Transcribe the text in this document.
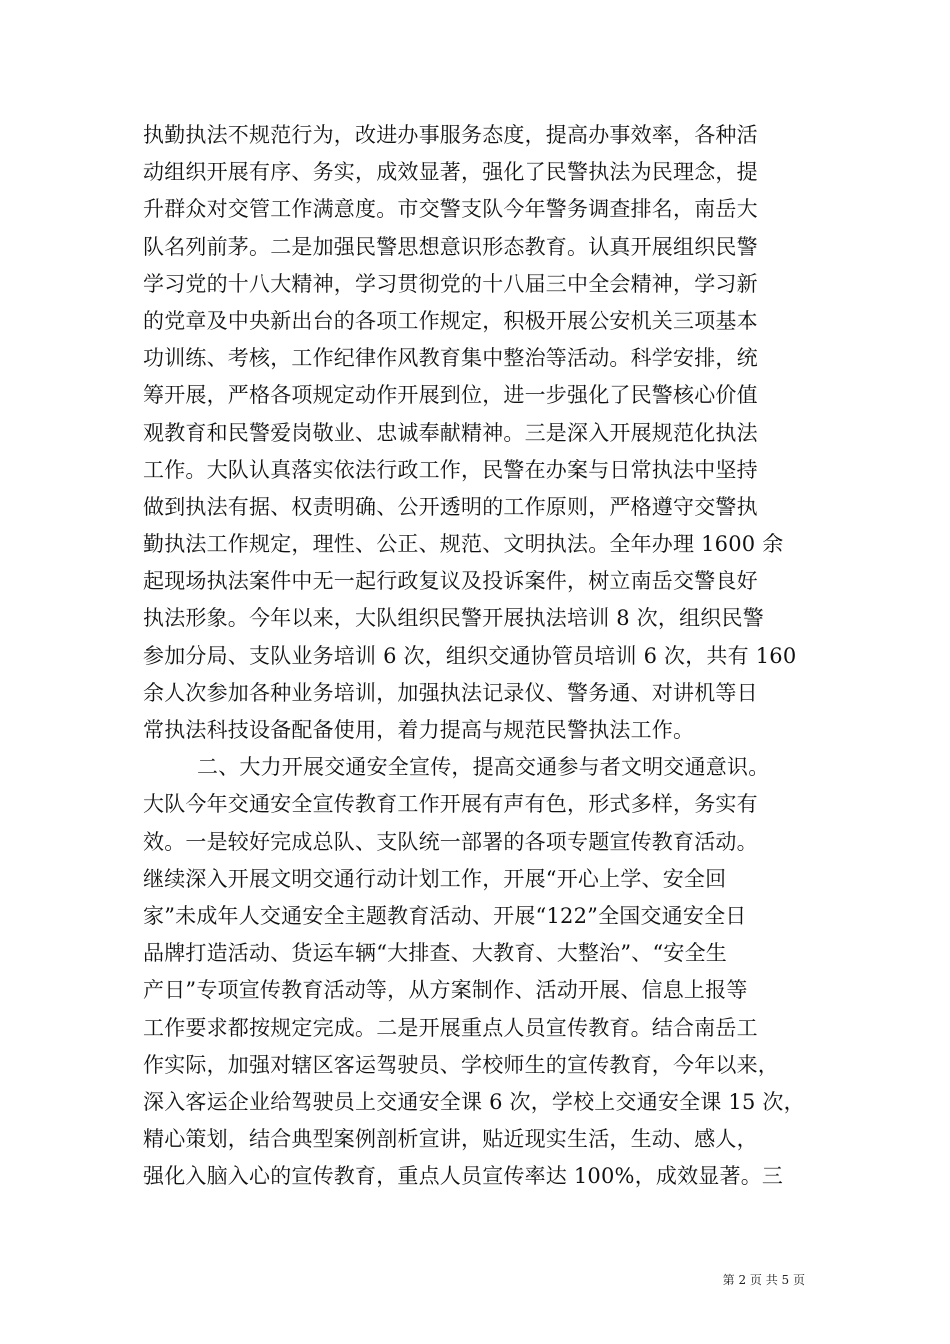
执勤执法不规范行为，改进办事服务态度，提高办事效率，各种活
动组织开展有序、务实，成效显著，强化了民警执法为民理念，提
升群众对交管工作满意度。市交警支队今年警务调查排名，南岳大
队名列前茅。二是加强民警思想意识形态教育。认真开展组织民警
学习党的十八大精神，学习贯彻党的十八届三中全会精神，学习新
的党章及中央新出台的各项工作规定，积极开展公安机关三项基本
功训练、考核，工作纪律作风教育集中整治等活动。科学安排，统
筹开展，严格各项规定动作开展到位，进一步强化了民警核心价值
观教育和民警爱岗敬业、忠诚奉献精神。三是深入开展规范化执法
工作。大队认真落实依法行政工作，民警在办案与日常执法中坚持
做到执法有据、权责明确、公开透明的工作原则，严格遵守交警执
勤执法工作规定，理性、公正、规范、文明执法。全年办理 1600 余
起现场执法案件中无一起行政复议及投诉案件，树立南岳交警良好
执法形象。今年以来，大队组织民警开展执法培训 8 次，组织民警
参加分局、支队业务培训 6 次，组织交通协管员培训 6 次，共有 160
余人次参加各种业务培训，加强执法记录仪、警务通、对讲机等日
常执法科技设备配备使用，着力提高与规范民警执法工作。
二、大力开展交通安全宣传，提高交通参与者文明交通意识。
大队今年交通安全宣传教育工作开展有声有色，形式多样，务实有
效。一是较好完成总队、支队统一部署的各项专题宣传教育活动。
继续深入开展文明交通行动计划工作，开展“开心上学、安全回
家”未成年人交通安全主题教育活动、开展“122”全国交通安全日
品牌打造活动、货运车辆“大排查、大教育、大整治”、“安全生
产日”专项宣传教育活动等，从方案制作、活动开展、信息上报等
工作要求都按规定完成。二是开展重点人员宣传教育。结合南岳工
作实际，加强对辖区客运驾驶员、学校师生的宣传教育，今年以来，
深入客运企业给驾驶员上交通安全课 6 次，学校上交通安全课 15 次，
精心策划，结合典型案例剖析宣讲，贴近现实生活，生动、感人，
强化入脑入心的宣传教育，重点人员宣传率达 100%，成效显著。三
第 2 页 共 5 页
